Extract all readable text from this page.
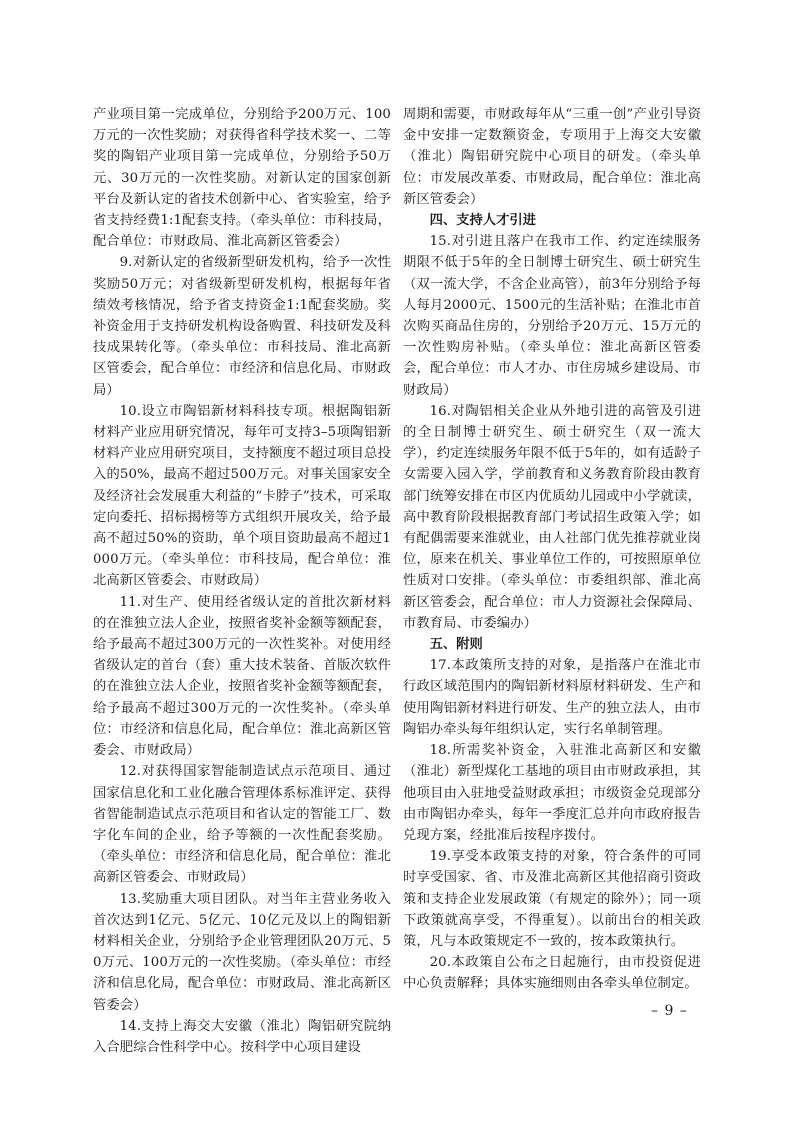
产业项目第一完成单位，分别给予200万元、100万元的一次性奖励；对获得省科学技术奖一、二等奖的陶铝产业项目第一完成单位，分别给予50万元、30万元的一次性奖励。对新认定的国家创新平台及新认定的省技术创新中心、省实验室，给予省支持经费1:1配套支持。（牵头单位：市科技局，配合单位：市财政局、淮北高新区管委会）

9.对新认定的省级新型研发机构，给予一次性奖励50万元；对省级新型研发机构，根据每年省绩效考核情况，给予省支持资金1:1配套奖励。奖补资金用于支持研发机构设备购置、科技研发及科技成果转化等。（牵头单位：市科技局、淮北高新区管委会，配合单位：市经济和信息化局、市财政局）

10.设立市陶铝新材料科技专项。根据陶铝新材料产业应用研究情况，每年可支持3–5项陶铝新材料产业应用研究项目，支持额度不超过项目总投入的50%，最高不超过500万元。对事关国家安全及经济社会发展重大利益的“卡脖子”技术，可采取定向委托、招标揭榜等方式组织开展攻关，给予最高不超过50%的资助，单个项目资助最高不超过1000万元。（牵头单位：市科技局，配合单位：淮北高新区管委会、市财政局）

11.对生产、使用经省级认定的首批次新材料的在淮独立法人企业，按照省奖补金额等额配套，给予最高不超过300万元的一次性奖补。对使用经省级认定的首台（套）重大技术装备、首版次软件的在淮独立法人企业，按照省奖补金额等额配套，给予最高不超过300万元的一次性奖补。（牵头单位：市经济和信息化局，配合单位：淮北高新区管委会、市财政局）

12.对获得国家智能制造试点示范项目、通过国家信息化和工业化融合管理体系标准评定、获得省智能制造试点示范项目和省认定的智能工厂、数字化车间的企业，给予等额的一次性配套奖励。（牵头单位：市经济和信息化局，配合单位：淮北高新区管委会、市财政局）

13.奖励重大项目团队。对当年主营业务收入首次达到1亿元、5亿元、10亿元及以上的陶铝新材料相关企业，分别给予企业管理团队20万元、50万元、100万元的一次性奖励。（牵头单位：市经济和信息化局，配合单位：市财政局、淮北高新区管委会）

14.支持上海交大安徽（淮北）陶铝研究院纳入合肥综合性科学中心。按科学中心项目建设

周期和需要，市财政每年从“三重一创”产业引导资金中安排一定数额资金，专项用于上海交大安徽（淮北）陶铝研究院中心项目的研发。（牵头单位：市发展改革委、市财政局，配合单位：淮北高新区管委会）

四、支持人才引进

15.对引进且落户在我市工作、约定连续服务期限不低于5年的全日制博士研究生、硕士研究生（双一流大学，不含企业高管），前3年分别给予每人每月2000元、1500元的生活补贴；在淮北市首次购买商品住房的，分别给予20万元、15万元的一次性购房补贴。（牵头单位：淮北高新区管委会，配合单位：市人才办、市住房城乡建设局、市财政局）

16.对陶铝相关企业从外地引进的高管及引进的全日制博士研究生、硕士研究生（双一流大学），约定连续服务年限不低于5年的，如有适龄子女需要入园入学，学前教育和义务教育阶段由教育部门统筹安排在市区内优质幼儿园或中小学就读，高中教育阶段根据教育部门考试招生政策入学；如有配偶需要来淮就业，由人社部门优先推荐就业岗位，原来在机关、事业单位工作的，可按照原单位性质对口安排。（牵头单位：市委组织部、淮北高新区管委会，配合单位：市人力资源社会保障局、市教育局、市委编办）

五、附则

17.本政策所支持的对象，是指落户在淮北市行政区域范围内的陶铝新材料原材料研发、生产和使用陶铝新材料进行研发、生产的独立法人，由市陶铝办牵头每年组织认定，实行名单制管理。

18.所需奖补资金，入驻淮北高新区和安徽（淮北）新型煤化工基地的项目由市财政承担，其他项目由入驻地受益财政承担；市级资金兑现部分由市陶铝办牵头，每年一季度汇总并向市政府报告兑现方案，经批准后按程序拨付。

19.享受本政策支持的对象，符合条件的可同时享受国家、省、市及淮北高新区其他招商引资政策和支持企业发展政策（有规定的除外）；同一项下政策就高享受，不得重复）。以前出台的相关政策，凡与本政策规定不一致的，按本政策执行。

20.本政策自公布之日起施行，由市投资促进中心负责解释；具体实施细则由各牵头单位制定。

– 9 –
